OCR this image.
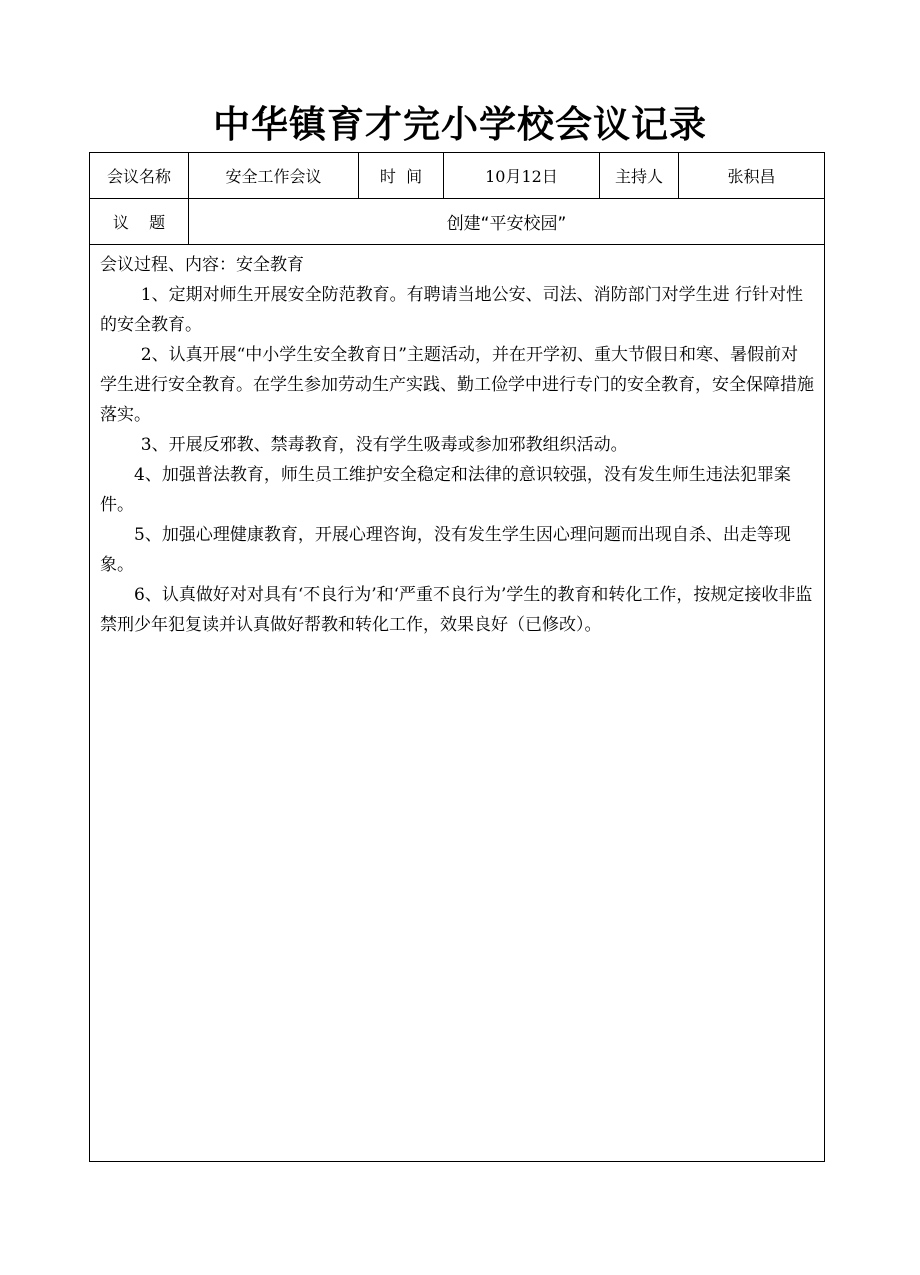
中华镇育才完小学校会议记录
会议名称	安全工作会议	时  间	10月12日	主持人	张积昌
议    题	创建“平安校园”

会议过程、内容：安全教育

1、定期对师生开展安全防范教育。有聘请当地公安、司法、消防部门对学生进 行针对性的安全教育。

2、认真开展“中小学生安全教育日”主题活动，并在开学初、重大节假日和寒、暑假前对学生进行安全教育。在学生参加劳动生产实践、勤工俭学中进行专门的安全教育，安全保障措施落实。

3、开展反邪教、禁毒教育，没有学生吸毒或参加邪教组织活动。

4、加强普法教育，师生员工维护安全稳定和法律的意识较强，没有发生师生违法犯罪案件。

5、加强心理健康教育，开展心理咨询，没有发生学生因心理问题而出现自杀、出走等现象。

6、认真做好对对具有‘不良行为’和‘严重不良行为’学生的教育和转化工作，按规定接收非监禁刑少年犯复读并认真做好帮教和转化工作，效果良好（已修改）。
